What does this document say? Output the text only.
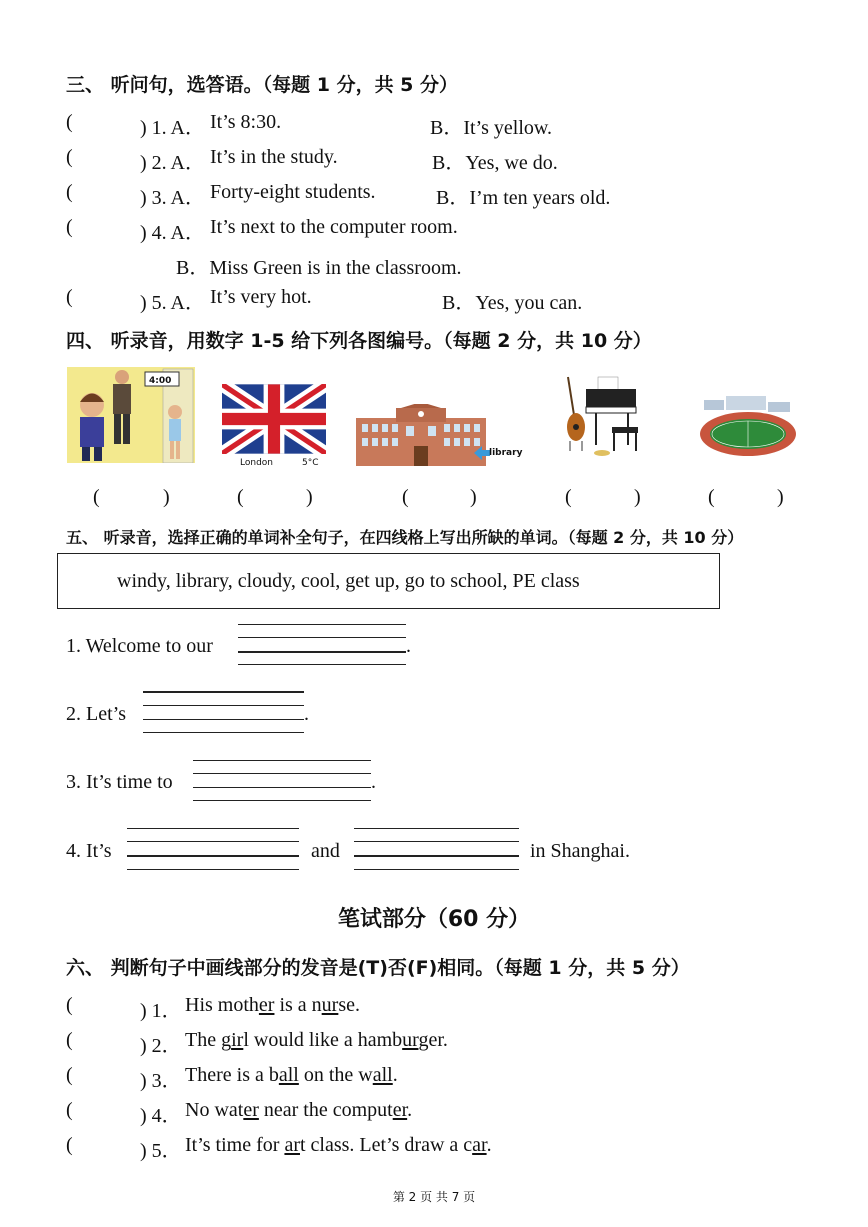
三、 听问句，选答语。（每题 1 分，共 5 分）
(	) 1. A． It’s 8:30.	B．It’s yellow.
(	) 2. A． It’s in the study.	B．Yes, we do.
(	) 3. A． Forty-eight students.	B．I’m ten years old.
(	) 4. A． It’s next to the computer room.
B．Miss Green is in the classroom.
(	) 5. A． It’s very hot.	B．Yes, you can.
四、 听录音，用数字 1-5 给下列各图编号。（每题 2 分，共 10 分）
4:00
London	5°C
library
(	)	(	)	(	)	(	)	(	)
五、 听录音，选择正确的单词补全句子，在四线格上写出所缺的单词。（每题 2 分，共 10 分）
windy, library, cloudy, cool, get up, go to school, PE class
1. Welcome to our	.
2. Let’s	.
3. It’s time to	.
4. It’s	and	in Shanghai.
笔试部分（60 分）
六、 判断句子中画线部分的发音是(T)否(F)相同。（每题 1 分，共 5 分）
(	) 1． His mother is a nurse.
(	) 2． The girl would like a hamburger.
(	) 3． There is a ball on the wall.
(	) 4． No water near the computer.
(	) 5． It’s time for art class. Let’s draw a car.
第 2 页 共 7 页
